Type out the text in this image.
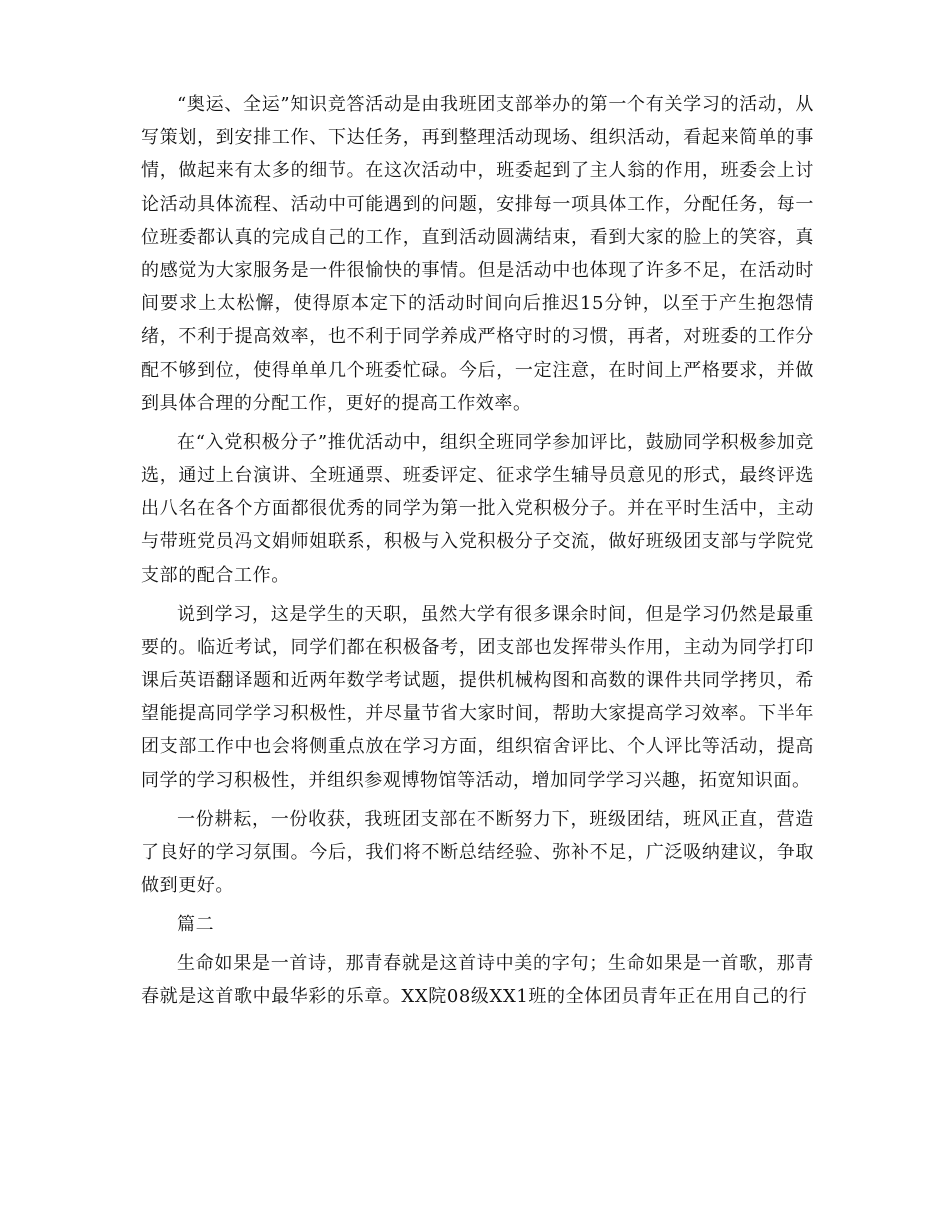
“奥运、全运”知识竞答活动是由我班团支部举办的第一个有关学习的活动，从写策划，到安排工作、下达任务，再到整理活动现场、组织活动，看起来简单的事情，做起来有太多的细节。在这次活动中，班委起到了主人翁的作用，班委会上讨论活动具体流程、活动中可能遇到的问题，安排每一项具体工作，分配任务，每一位班委都认真的完成自己的工作，直到活动圆满结束，看到大家的脸上的笑容，真的感觉为大家服务是一件很愉快的事情。但是活动中也体现了许多不足，在活动时间要求上太松懈，使得原本定下的活动时间向后推迟15分钟，以至于产生抱怨情绪，不利于提高效率，也不利于同学养成严格守时的习惯，再者，对班委的工作分配不够到位，使得单单几个班委忙碌。今后，一定注意，在时间上严格要求，并做到具体合理的分配工作，更好的提高工作效率。

在“入党积极分子”推优活动中，组织全班同学参加评比，鼓励同学积极参加竞选，通过上台演讲、全班通票、班委评定、征求学生辅导员意见的形式，最终评选出八名在各个方面都很优秀的同学为第一批入党积极分子。并在平时生活中，主动与带班党员冯文娟师姐联系，积极与入党积极分子交流，做好班级团支部与学院党支部的配合工作。

说到学习，这是学生的天职，虽然大学有很多课余时间，但是学习仍然是最重要的。临近考试，同学们都在积极备考，团支部也发挥带头作用，主动为同学打印课后英语翻译题和近两年数学考试题，提供机械构图和高数的课件共同学拷贝，希望能提高同学学习积极性，并尽量节省大家时间，帮助大家提高学习效率。下半年团支部工作中也会将侧重点放在学习方面，组织宿舍评比、个人评比等活动，提高同学的学习积极性，并组织参观博物馆等活动，增加同学学习兴趣，拓宽知识面。

一份耕耘，一份收获，我班团支部在不断努力下，班级团结，班风正直，营造了良好的学习氛围。今后，我们将不断总结经验、弥补不足，广泛吸纳建议，争取做到更好。

篇二

生命如果是一首诗，那青春就是这首诗中美的字句；生命如果是一首歌，那青春就是这首歌中最华彩的乐章。XX院08级XX1班的全体团员青年正在用自己的行
